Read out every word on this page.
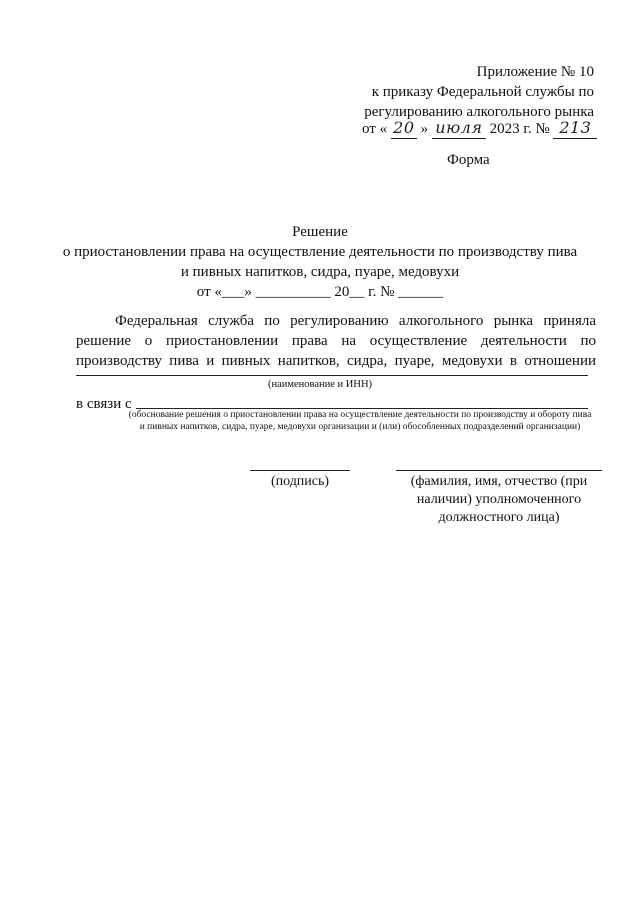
Приложение № 10
к приказу Федеральной службы по
регулированию алкогольного рынка
от « 20 » июля 2023 г. № 213
Форма
Решение
о приостановлении права на осуществление деятельности по производству пива
и пивных напитков, сидра, пуаре, медовухи
от «___» __________ 20__ г. № ______
Федеральная служба по регулированию алкогольного рынка приняла
решение о приостановлении права на осуществление деятельности по
производству пива и пивных напитков, сидра, пуаре, медовухи в отношении
(наименование и ИНН)
в связи с
(обоснование решения о приостановлении права на осуществление деятельности по производству и обороту пива
и пивных напитков, сидра, пуаре, медовухи организации и (или) обособленных подразделений организации)
(подпись)	(фамилия, имя, отчество (при
наличии) уполномоченного
должностного лица)
